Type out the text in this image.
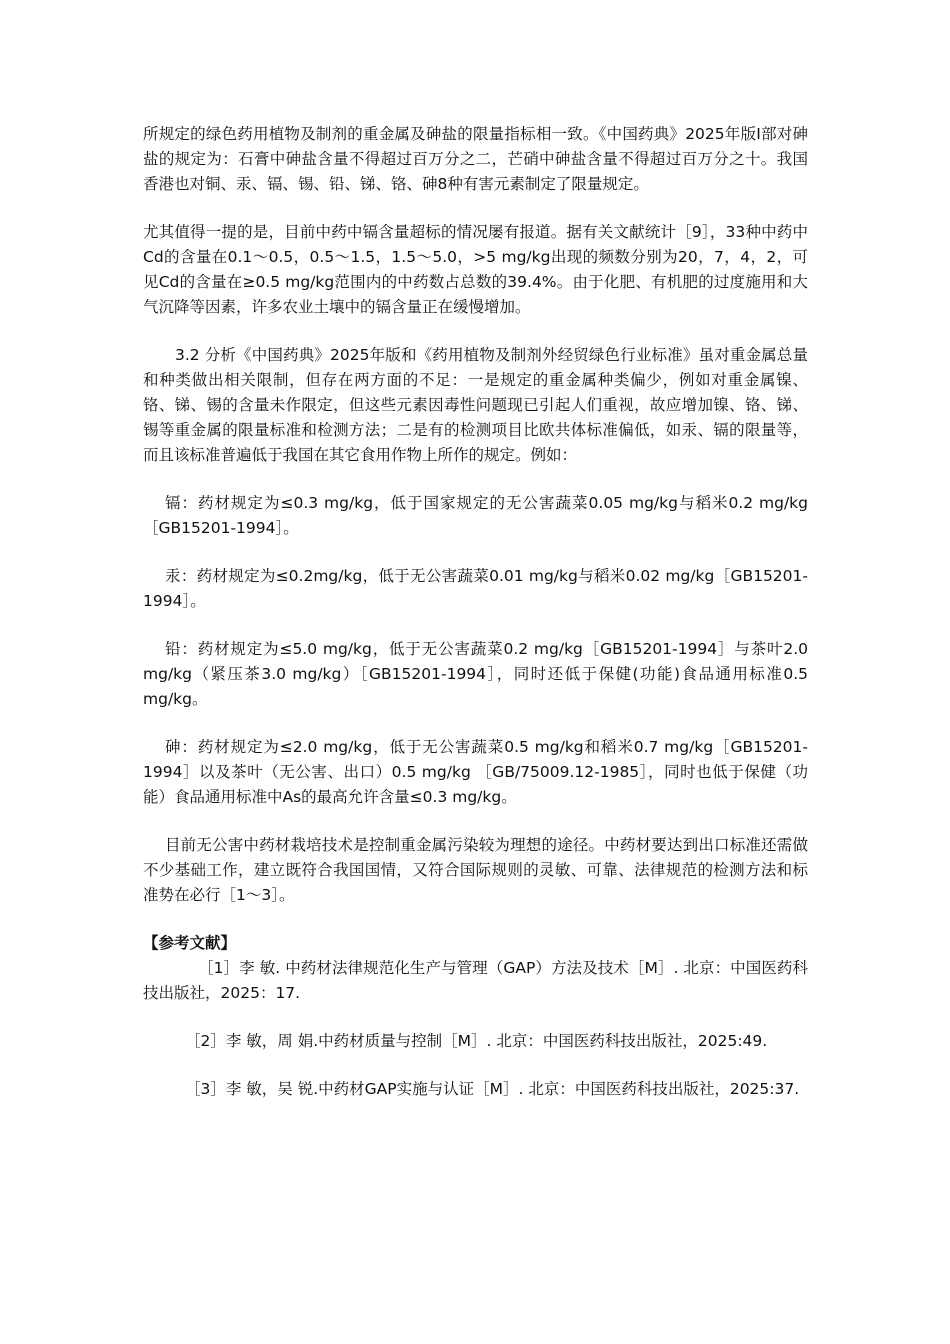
所规定的绿色药用植物及制剂的重金属及砷盐的限量指标相一致。《中国药典》2025年版Ⅰ部对砷盐的规定为：石膏中砷盐含量不得超过百万分之二，芒硝中砷盐含量不得超过百万分之十。我国香港也对铜、汞、镉、锡、铅、锑、铬、砷8种有害元素制定了限量规定。

尤其值得一提的是，目前中药中镉含量超标的情况屡有报道。据有关文献统计［9］，33种中药中Cd的含量在0.1～0.5，0.5～1.5，1.5～5.0，>5 mg/kg出现的频数分别为20，7，4，2，可见Cd的含量在≥0.5 mg/kg范围内的中药数占总数的39.4%。由于化肥、有机肥的过度施用和大气沉降等因素，许多农业土壤中的镉含量正在缓慢增加。

3.2 分析《中国药典》2025年版和《药用植物及制剂外经贸绿色行业标准》虽对重金属总量和种类做出相关限制，但存在两方面的不足：一是规定的重金属种类偏少，例如对重金属镍、铬、锑、锡的含量未作限定，但这些元素因毒性问题现已引起人们重视，故应增加镍、铬、锑、锡等重金属的限量标准和检测方法；二是有的检测项目比欧共体标准偏低，如汞、镉的限量等，而且该标准普遍低于我国在其它食用作物上所作的规定。例如：

镉：药材规定为≤0.3 mg/kg，低于国家规定的无公害蔬菜0.05 mg/kg与稻米0.2 mg/kg［GB15201-1994］。

汞：药材规定为≤0.2mg/kg，低于无公害蔬菜0.01 mg/kg与稻米0.02 mg/kg［GB15201-1994］。

铅：药材规定为≤5.0 mg/kg，低于无公害蔬菜0.2 mg/kg［GB15201-1994］与茶叶2.0 mg/kg（紧压茶3.0 mg/kg）［GB15201-1994］，同时还低于保健(功能)食品通用标准0.5 mg/kg。

砷：药材规定为≤2.0 mg/kg，低于无公害蔬菜0.5 mg/kg和稻米0.7 mg/kg［GB15201-1994］以及茶叶（无公害、出口）0.5 mg/kg ［GB/75009.12-1985］，同时也低于保健（功能）食品通用标准中As的最高允许含量≤0.3 mg/kg。

目前无公害中药材栽培技术是控制重金属污染较为理想的途径。中药材要达到出口标准还需做不少基础工作，建立既符合我国国情，又符合国际规则的灵敏、可靠、法律规范的检测方法和标准势在必行［1～3］。

【参考文献】

［1］李 敏. 中药材法律规范化生产与管理（GAP）方法及技术［M］. 北京：中国医药科技出版社，2025：17.

［2］李 敏，周 娟.中药材质量与控制［M］. 北京：中国医药科技出版社，2025:49.

［3］李 敏，吴 锐.中药材GAP实施与认证［M］. 北京：中国医药科技出版社，2025:37.
